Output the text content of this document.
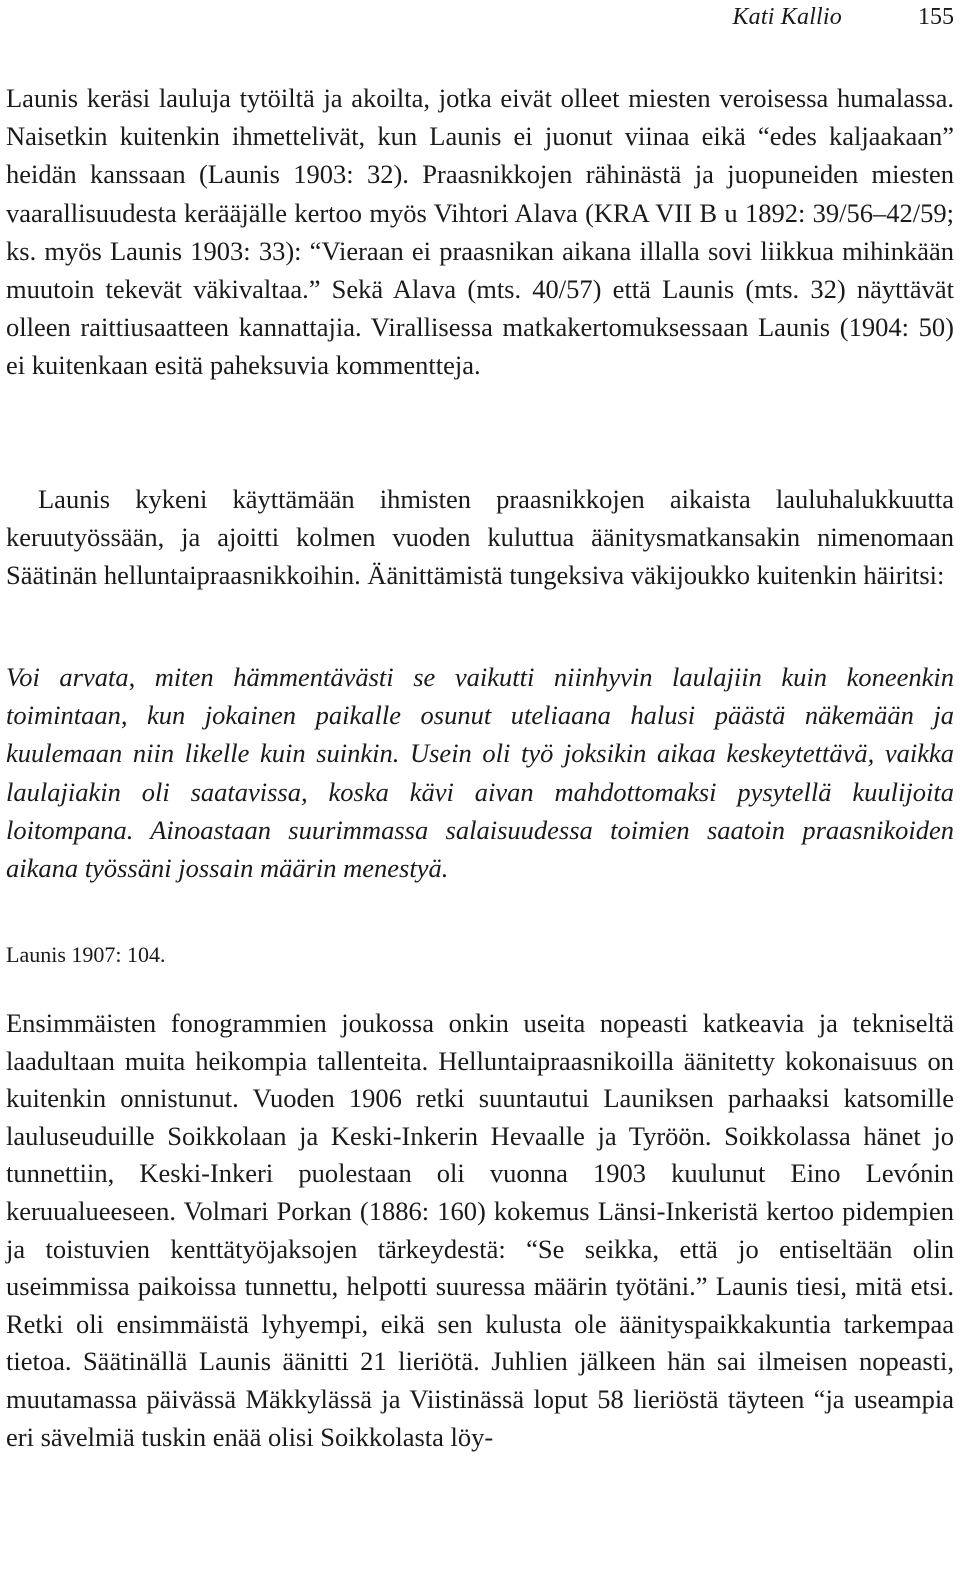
Kati Kallio	155

Launis keräsi lauluja tytöiltä ja akoilta, jotka eivät olleet miesten veroisessa humalassa. Naisetkin kuitenkin ihmettelivät, kun Launis ei juonut viinaa eikä “edes kaljaakaan” heidän kanssaan (Launis 1903: 32). Praasnikkojen rähinästä ja juopuneiden miesten vaarallisuudesta kerääjälle kertoo myös Vihtori Alava (KRA VII B u 1892: 39/56–42/59; ks. myös Launis 1903: 33): “Vieraan ei praasnikan aikana illalla sovi liikkua mihinkään muutoin tekevät väkivaltaa.” Sekä Alava (mts. 40/57) että Launis (mts. 32) näyttävät olleen raittiusaatteen kannattajia. Virallisessa matkakertomuksessaan Launis (1904: 50) ei kuitenkaan esitä paheksuvia kommentteja.

Launis kykeni käyttämään ihmisten praasnikkojen aikaista lauluhalukkuutta keruutyössään, ja ajoitti kolmen vuoden kuluttua äänitysmatkansakin nimenomaan Säätinän helluntaipraasnikkoihin. Äänittämistä tungeksiva väkijoukko kuitenkin häiritsi:

Voi arvata, miten hämmentävästi se vaikutti niinhyvin laulajiin kuin koneenkin toimintaan, kun jokainen paikalle osunut uteliaana halusi päästä näkemään ja kuulemaan niin likelle kuin suinkin. Usein oli työ joksikin aikaa keskeytettävä, vaikka laulajiakin oli saatavissa, koska kävi aivan mahdottomaksi pysytellä kuulijoita loitompana. Ainoastaan suurimmassa salaisuudessa toimien saatoin praasnikoiden aikana työssäni jossain määrin menestyä.

Launis 1907: 104.

Ensimmäisten fonogrammien joukossa onkin useita nopeasti katkeavia ja tekniseltä laadultaan muita heikompia tallenteita. Helluntaipraasnikoilla äänitetty kokonaisuus on kuitenkin onnistunut. Vuoden 1906 retki suuntautui Launiksen parhaaksi katsomille lauluseuduille Soikkolaan ja Keski-Inkerin Hevaalle ja Tyröön. Soikkolassa hänet jo tunnettiin, Keski-Inkeri puolestaan oli vuonna 1903 kuulunut Eino Levónin keruualueeseen. Volmari Porkan (1886: 160) kokemus Länsi-Inkeristä kertoo pidempien ja toistuvien kenttätyöjaksojen tärkeydestä: “Se seikka, että jo entiseltään olin useimmissa paikoissa tunnettu, helpotti suuressa määrin työtäni.” Launis tiesi, mitä etsi. Retki oli ensimmäistä lyhyempi, eikä sen kulusta ole äänityspaikkakuntia tarkempaa tietoa. Säätinällä Launis äänitti 21 lieriötä. Juhlien jälkeen hän sai ilmeisen nopeasti, muutamassa päivässä Mäkkylässä ja Viistinässä loput 58 lieriöstä täyteen “ja useampia eri sävelmiä tuskin enää olisi Soikkolasta löy-
